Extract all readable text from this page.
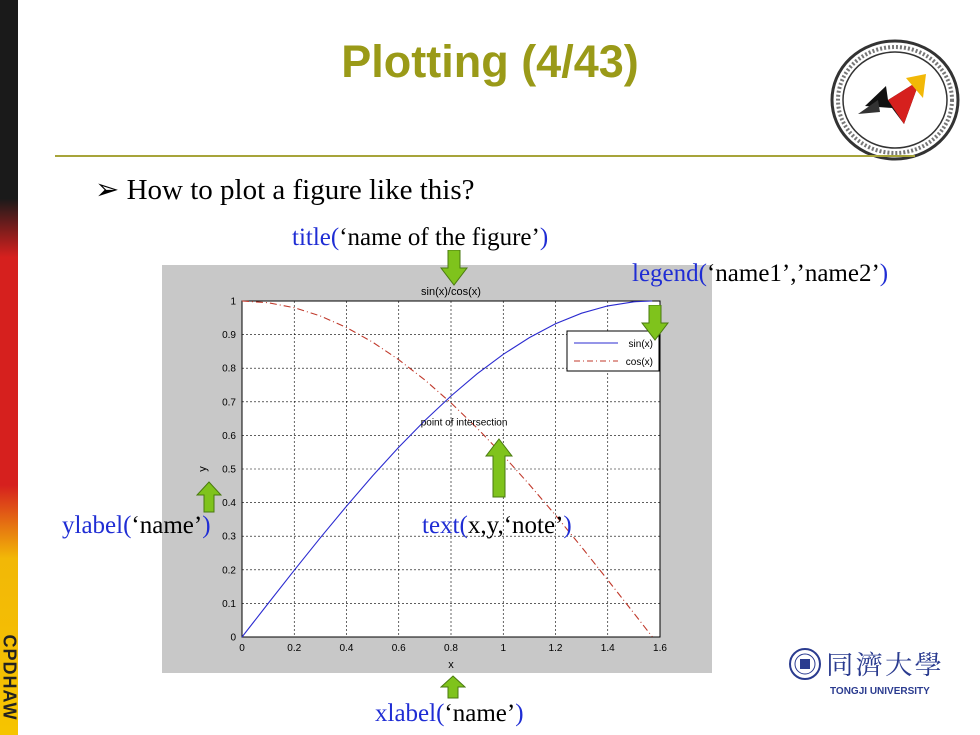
CPDHAW
Plotting (4/43)
➢ How to plot a figure like this?
0	0.2	0.4	0.6	0.8	1	1.2	1.4	1.6
0
0.1
0.2
0.3
0.4
0.5
0.6
0.7
0.8
0.9
1
sin(x)/cos(x)
x
y
point of intersection
sin(x)
cos(x)
title(‘name of the figure’)
legend(‘name1’,’name2’)
ylabel(‘name’)	text(x,y,‘note’)
xlabel(‘name’)
同濟大學
TONGJI UNIVERSITY
